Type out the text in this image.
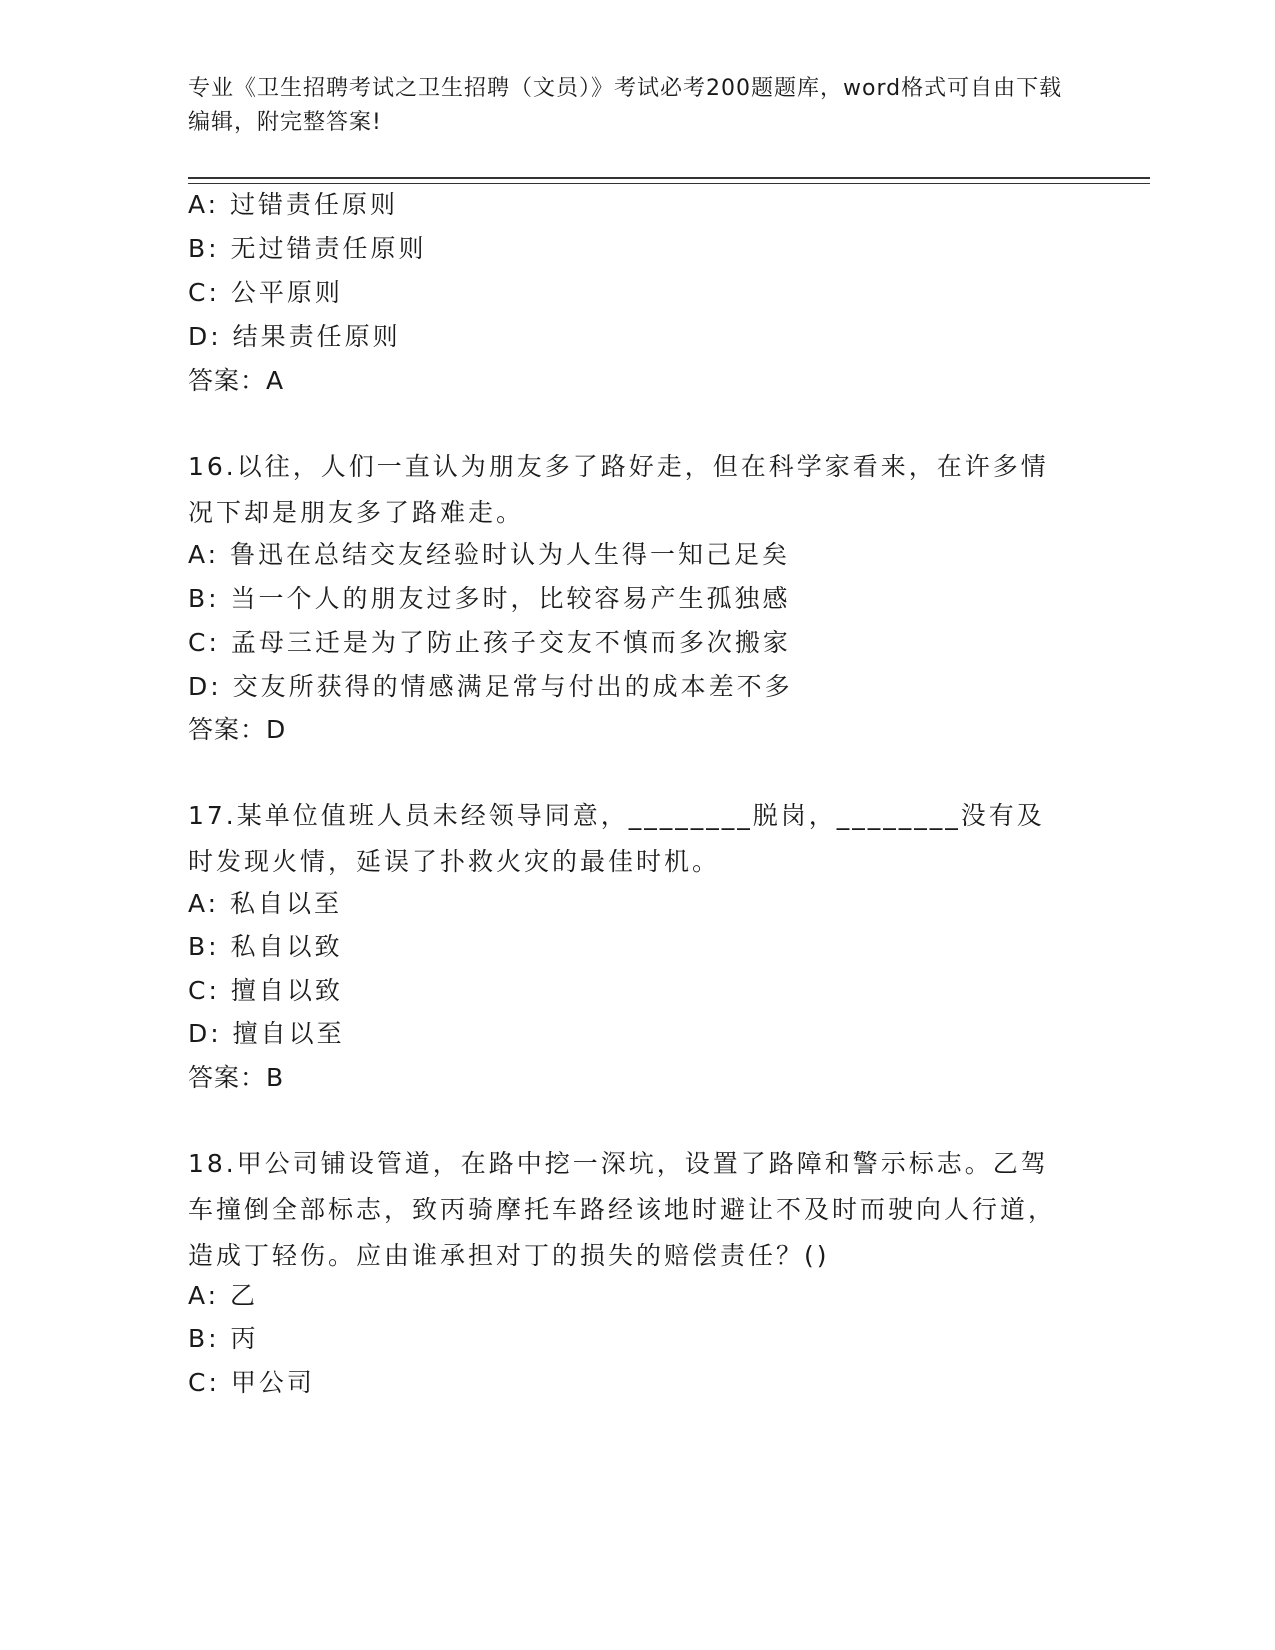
专业《卫生招聘考试之卫生招聘（文员）》考试必考200题题库，word格式可自由下载编辑，附完整答案!
A: 过错责任原则
B: 无过错责任原则
C: 公平原则
D: 结果责任原则
答案：A
16.以往，人们一直认为朋友多了路好走，但在科学家看来，在许多情况下却是朋友多了路难走。
A: 鲁迅在总结交友经验时认为人生得一知己足矣
B: 当一个人的朋友过多时，比较容易产生孤独感
C: 孟母三迁是为了防止孩子交友不慎而多次搬家
D: 交友所获得的情感满足常与付出的成本差不多
答案：D
17.某单位值班人员未经领导同意，________脱岗，________没有及时发现火情，延误了扑救火灾的最佳时机。
A: 私自以至
B: 私自以致
C: 擅自以致
D: 擅自以至
答案：B
18.甲公司铺设管道，在路中挖一深坑，设置了路障和警示标志。乙驾车撞倒全部标志，致丙骑摩托车路经该地时避让不及时而驶向人行道，造成丁轻伤。应由谁承担对丁的损失的赔偿责任？()
A: 乙
B: 丙
C: 甲公司
